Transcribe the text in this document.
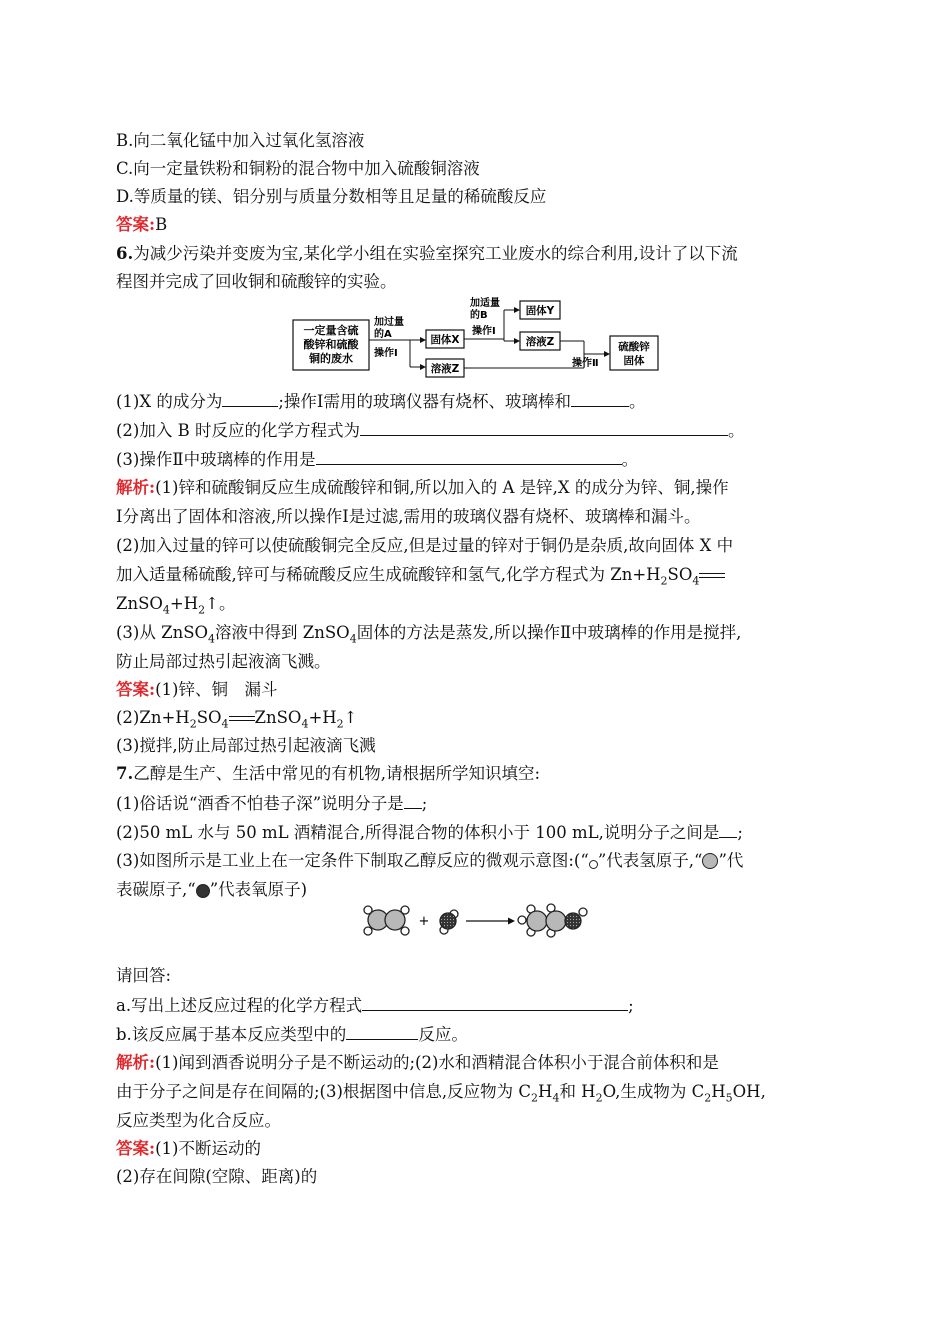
B.向二氧化锰中加入过氧化氢溶液
C.向一定量铁粉和铜粉的混合物中加入硫酸铜溶液
D.等质量的镁、铝分别与质量分数相等且足量的稀硫酸反应
答案:B
6.为减少污染并变废为宝,某化学小组在实验室探究工业废水的综合利用,设计了以下流
程图并完成了回收铜和硫酸锌的实验。
一定量含硫
酸锌和硫酸
铜的废水
加过量
的A
操作Ⅰ
固体X
溶液Z
加适量
的B
操作Ⅰ
固体Y
溶液Z
操作Ⅱ
硫酸锌
固体
(1)X 的成分为	;操作Ⅰ需用的玻璃仪器有烧杯、玻璃棒和	。
(2)加入 B 时反应的化学方程式为	。
(3)操作Ⅱ中玻璃棒的作用是	。
解析:(1)锌和硫酸铜反应生成硫酸锌和铜,所以加入的 A 是锌,X 的成分为锌、铜,操作
Ⅰ分离出了固体和溶液,所以操作Ⅰ是过滤,需用的玻璃仪器有烧杯、玻璃棒和漏斗。
(2)加入过量的锌可以使硫酸铜完全反应,但是过量的锌对于铜仍是杂质,故向固体 X 中
加入适量稀硫酸,锌可与稀硫酸反应生成硫酸锌和氢气,化学方程式为 $Zn+H_2SO_4$
$ZnSO_4+H_2↑$。
(3)从 ZnSO$_4$溶液中得到 ZnSO$_4$固体的方法是蒸发,所以操作Ⅱ中玻璃棒的作用是搅拌,
防止局部过热引起液滴飞溅。
答案:(1)锌、铜　漏斗
$(2)Zn+H_2SO_4$ $ZnSO_4+H_2↑$
(3)搅拌,防止局部过热引起液滴飞溅
7.乙醇是生产、生活中常见的有机物,请根据所学知识填空:
(1)俗话说“酒香不怕巷子深”说明分子是 ;
(2)50 mL 水与 50 mL 酒精混合,所得混合物的体积小于 100 mL,说明分子之间是 ;
(3)如图所示是工业上在一定条件下制取乙醇反应的微观示意图:(“ ”代表氢原子,“ ”代
表碳原子,“ ”代表氧原子)
+
请回答:
a.写出上述反应过程的化学方程式	;
b.该反应属于基本反应类型中的	反应。
解析:(1)闻到酒香说明分子是不断运动的;(2)水和酒精混合体积小于混合前体积和是
由于分子之间是存在间隔的;(3)根据图中信息,反应物为 $C_2H_4$和 $H_2O$,生成物为 $C_2H_5OH$,
反应类型为化合反应。
答案:(1)不断运动的
(2)存在间隙(空隙、距离)的
